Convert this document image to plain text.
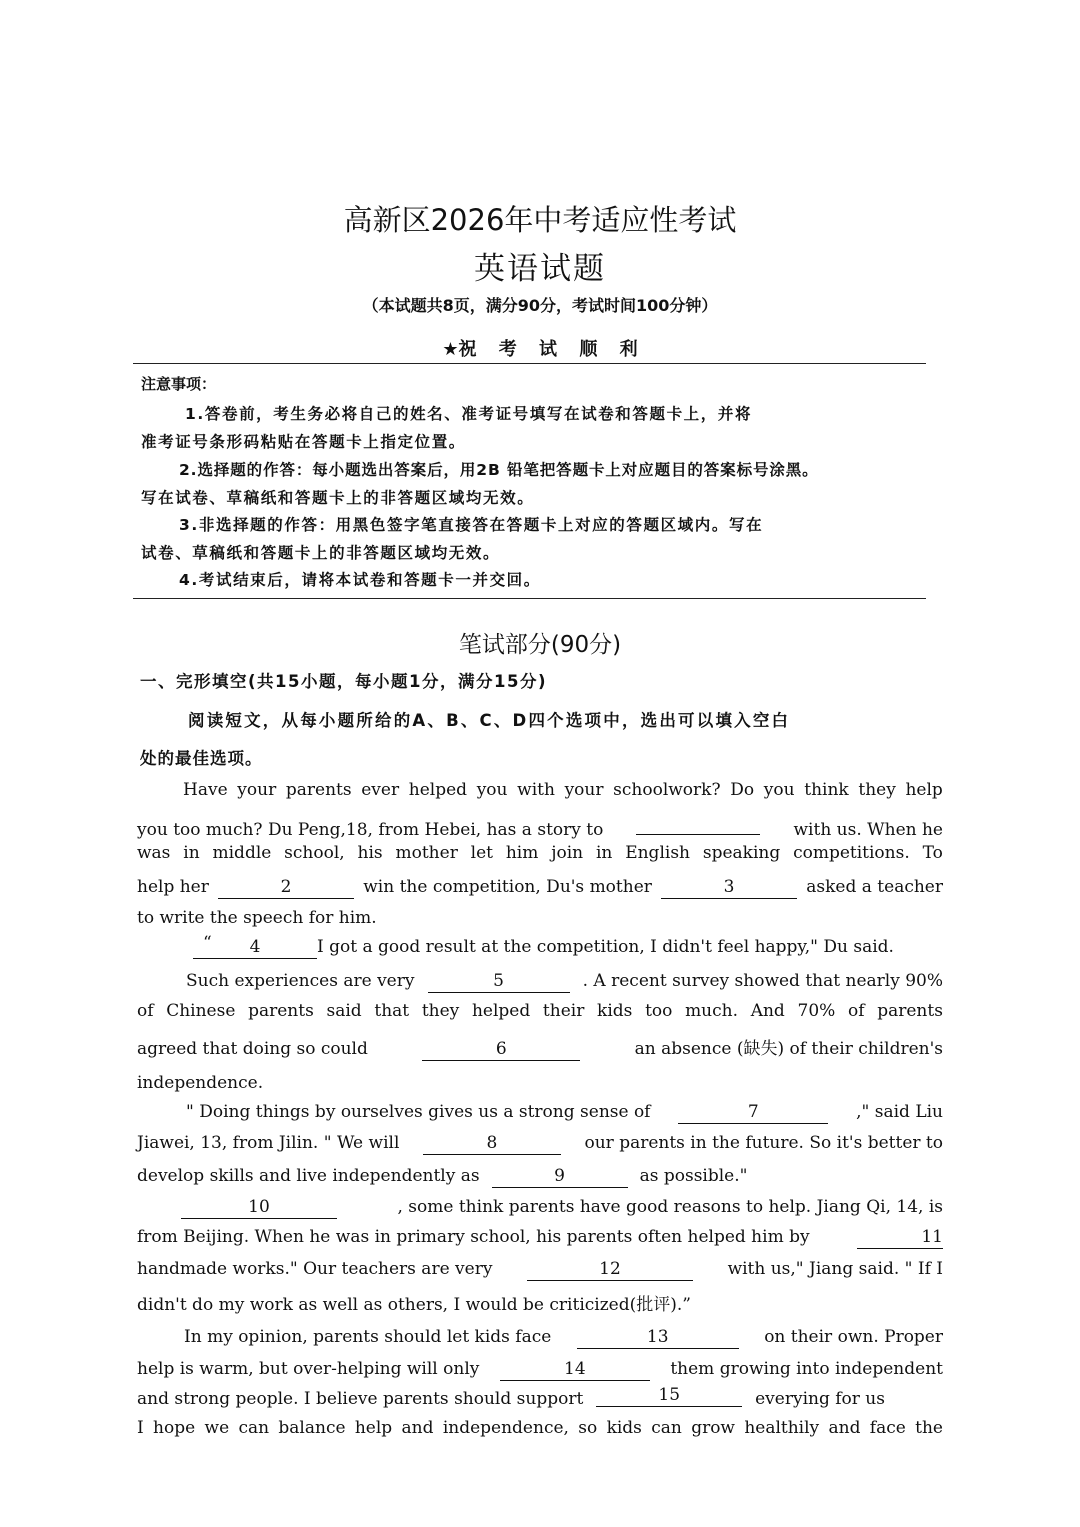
高新区2026年中考适应性考试
英语试题
（本试题共8页，满分90分，考试时间100分钟）
★祝 考 试 顺 利
注意事项：
1.答卷前，考生务必将自己的姓名、准考证号填写在试卷和答题卡上，并将
准考证号条形码粘贴在答题卡上指定位置。
2.选择题的作答：每小题选出答案后，用2B 铅笔把答题卡上对应题目的答案标号涂黑。
写在试卷、草稿纸和答题卡上的非答题区域均无效。
3.非选择题的作答：用黑色签字笔直接答在答题卡上对应的答题区域内。写在
试卷、草稿纸和答题卡上的非答题区域均无效。
4.考试结束后，请将本试卷和答题卡一并交回。
笔试部分(90分)
一、完形填空(共15小题，每小题1分，满分15分)
阅读短文，从每小题所给的A、B、C、D四个选项中，选出可以填入空白
处的最佳选项。
Have your parents ever helped you with your schoolwork? Do you think they help
you too much? Du Peng,18, from Hebei, has a story to	with us. When he
was in middle school, his mother let him join in English speaking competitions. To
help her	2	win the competition, Du's mother	3	asked a teacher
to write the speech for him.
“ 4	I got a good result at the competition, I didn't feel happy," Du said.
Such experiences are very	5	. A recent survey showed that nearly 90%
of Chinese parents said that they helped their kids too much. And 70% of parents
agreed that doing so could	6	an absence (缺失) of their children's
independence.
" Doing things by ourselves gives us a strong sense of	7	," said Liu
Jiawei, 13, from Jilin. " We will	8	our parents in the future. So it's better to
develop skills and live independently as	9	as possible."
10	, some think parents have good reasons to help. Jiang Qi, 14, is
from Beijing. When he was in primary school, his parents often helped him by	11
handmade works." Our teachers are very	12	with us," Jiang said. " If I
didn't do my work as well as others, I would be criticized(批评).”
In my opinion, parents should let kids face	13	on their own. Proper
help is warm, but over-helping will only	14	them growing into independent
and strong people. I believe parents should support	15	everying for us
I hope we can balance help and independence, so kids can grow healthily and face the
